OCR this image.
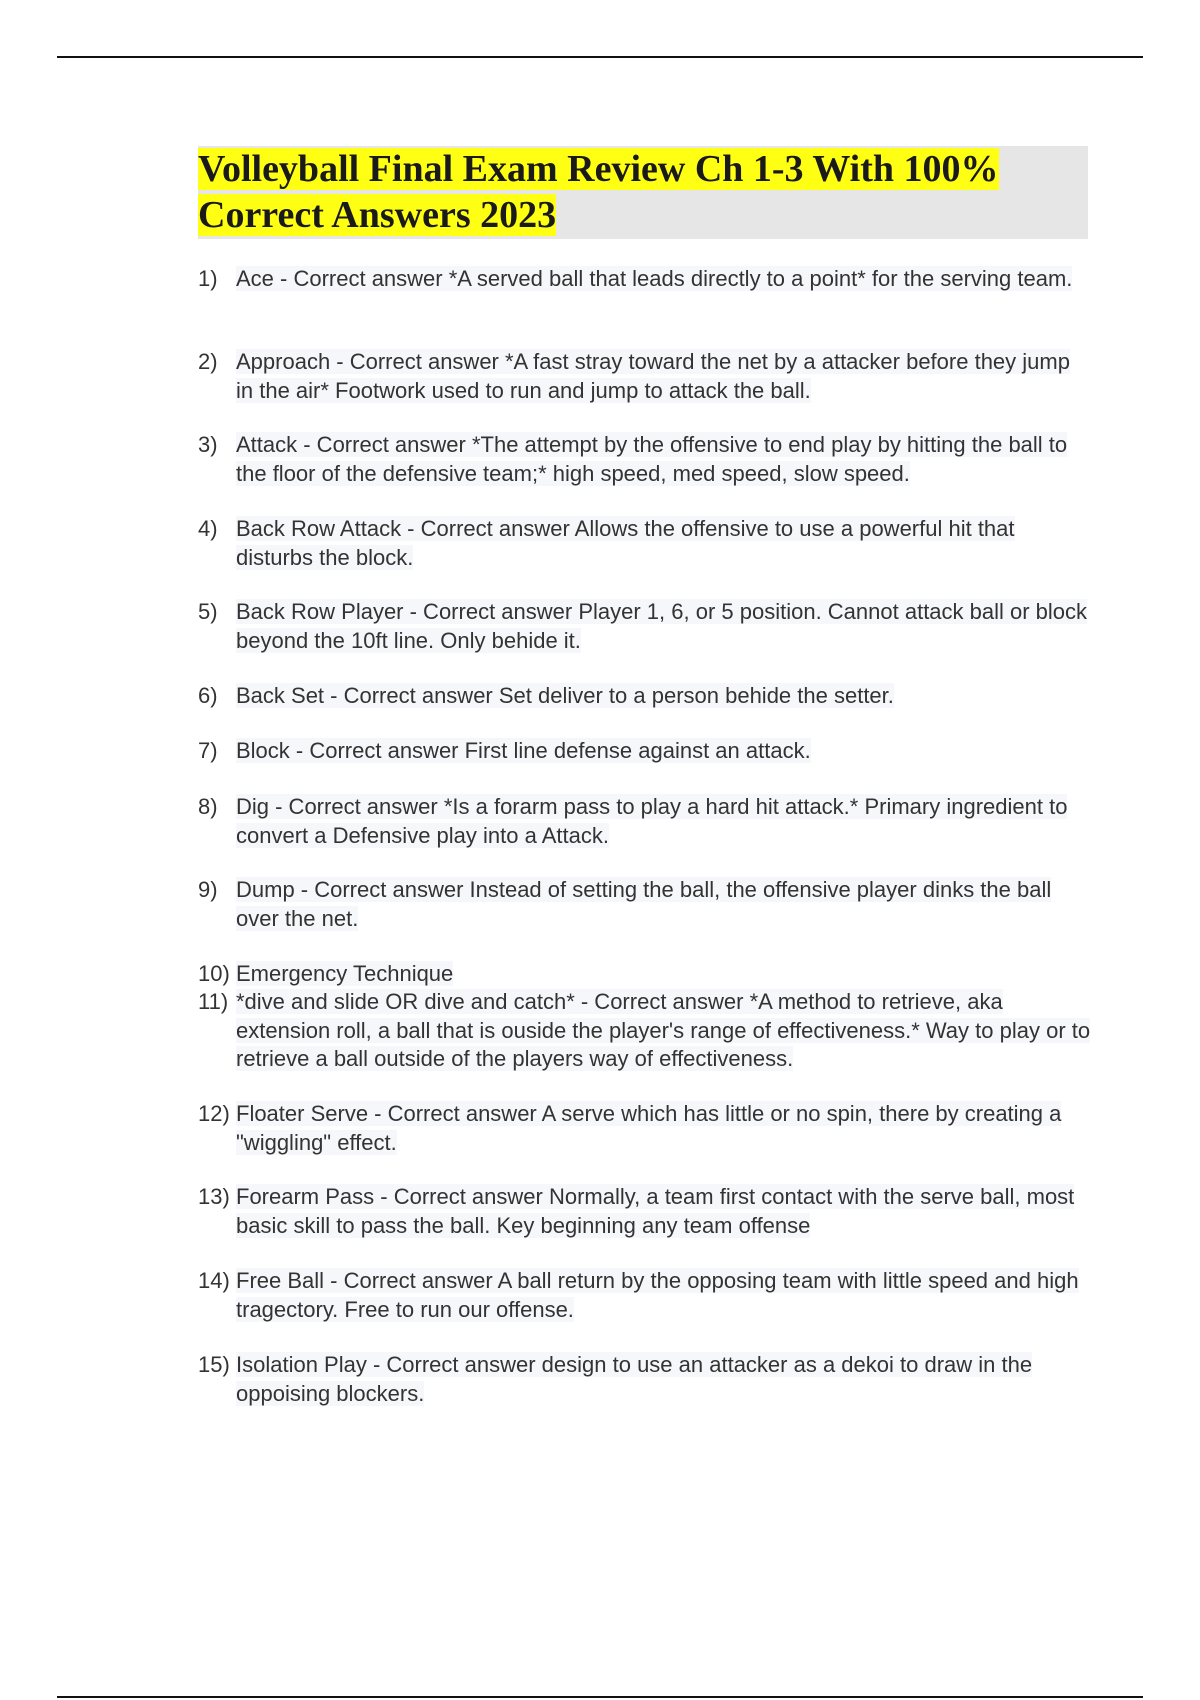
Volleyball Final Exam Review Ch 1-3 With 100%
Correct Answers 2023

1) Ace - Correct answer *A served ball that leads directly to a point* for the serving team.
2) Approach - Correct answer *A fast stray toward the net by a attacker before they jump in the air* Footwork used to run and jump to attack the ball.
3) Attack - Correct answer *The attempt by the offensive to end play by hitting the ball to the floor of the defensive team;* high speed, med speed, slow speed.
4) Back Row Attack - Correct answer Allows the offensive to use a powerful hit that disturbs the block.
5) Back Row Player - Correct answer Player 1, 6, or 5 position. Cannot attack ball or block beyond the 10ft line. Only behide it.
6) Back Set - Correct answer Set deliver to a person behide the setter.
7) Block - Correct answer First line defense against an attack.
8) Dig - Correct answer *Is a forarm pass to play a hard hit attack.* Primary ingredient to convert a Defensive play into a Attack.
9) Dump - Correct answer Instead of setting the ball, the offensive player dinks the ball over the net.
10) Emergency Technique
11) *dive and slide OR dive and catch* - Correct answer *A method to retrieve, aka extension roll, a ball that is ouside the player's range of effectiveness.* Way to play or to retrieve a ball outside of the players way of effectiveness.
12) Floater Serve - Correct answer A serve which has little or no spin, there by creating a "wiggling" effect.
13) Forearm Pass - Correct answer Normally, a team first contact with the serve ball, most basic skill to pass the ball. Key beginning any team offense
14) Free Ball - Correct answer A ball return by the opposing team with little speed and high tragectory. Free to run our offense.
15) Isolation Play - Correct answer design to use an attacker as a dekoi to draw in the oppoising blockers.
